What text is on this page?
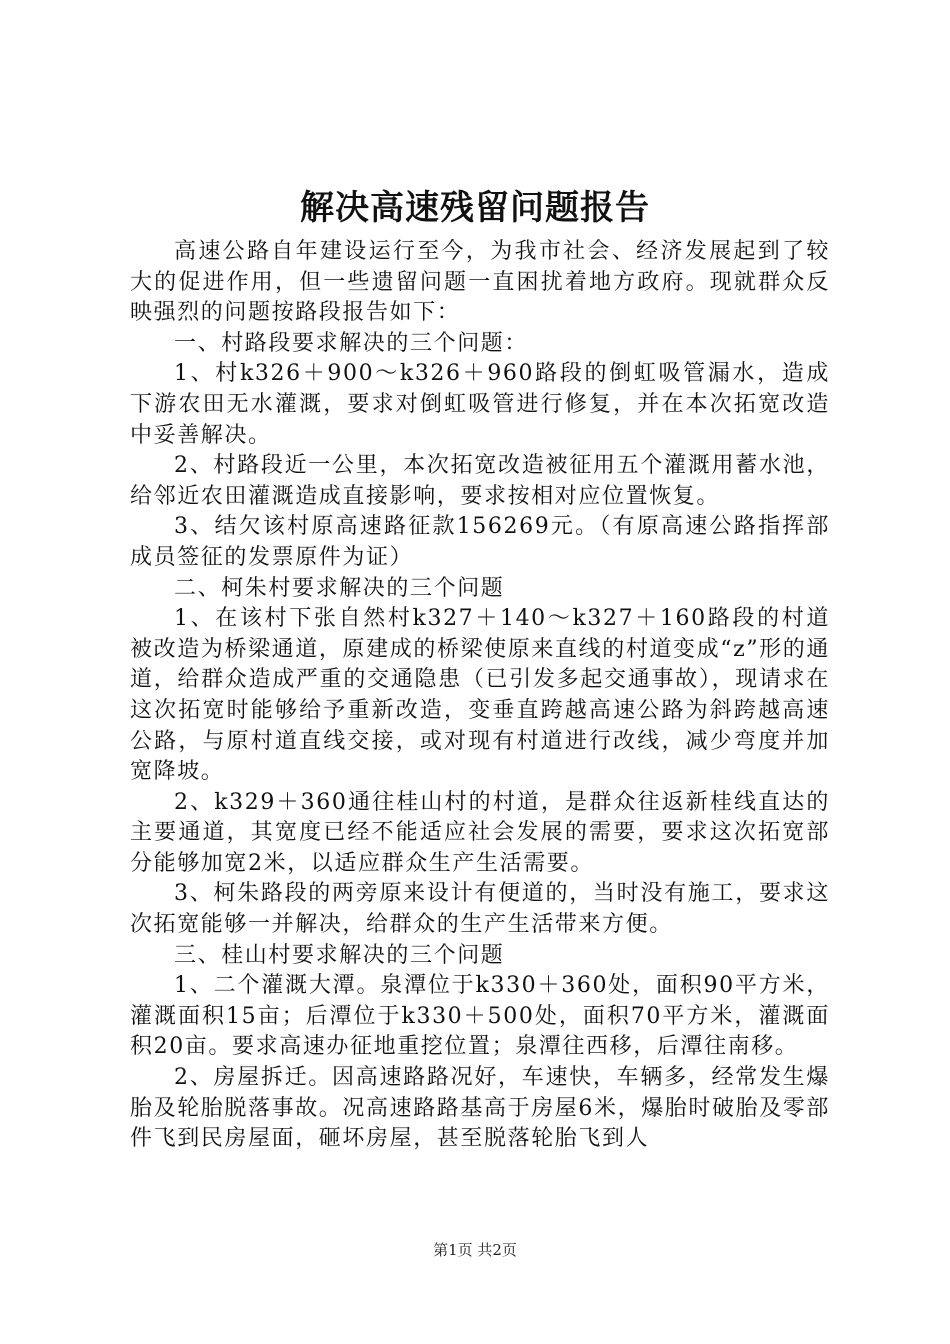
解决高速残留问题报告

高速公路自年建设运行至今，为我市社会、经济发展起到了较大的促进作用，但一些遗留问题一直困扰着地方政府。现就群众反映强烈的问题按路段报告如下：

一、村路段要求解决的三个问题：

1、村k326＋900～k326＋960路段的倒虹吸管漏水，造成下游农田无水灌溉，要求对倒虹吸管进行修复，并在本次拓宽改造中妥善解决。

2、村路段近一公里，本次拓宽改造被征用五个灌溉用蓄水池，给邻近农田灌溉造成直接影响，要求按相对应位置恢复。

3、结欠该村原高速路征款156269元。（有原高速公路指挥部成员签征的发票原件为证）

二、柯朱村要求解决的三个问题

1、在该村下张自然村k327＋140～k327＋160路段的村道被改造为桥梁通道，原建成的桥梁使原来直线的村道变成“z”形的通道，给群众造成严重的交通隐患（已引发多起交通事故），现请求在这次拓宽时能够给予重新改造，变垂直跨越高速公路为斜跨越高速公路，与原村道直线交接，或对现有村道进行改线，减少弯度并加宽降坡。

2、k329＋360通往桂山村的村道，是群众往返新桂线直达的主要通道，其宽度已经不能适应社会发展的需要，要求这次拓宽部分能够加宽2米，以适应群众生产生活需要。

3、柯朱路段的两旁原来设计有便道的，当时没有施工，要求这次拓宽能够一并解决，给群众的生产生活带来方便。

三、桂山村要求解决的三个问题

1、二个灌溉大潭。泉潭位于k330＋360处，面积90平方米，灌溉面积15亩；后潭位于k330＋500处，面积70平方米，灌溉面积20亩。要求高速办征地重挖位置；泉潭往西移，后潭往南移。

2、房屋拆迁。因高速路路况好，车速快，车辆多，经常发生爆胎及轮胎脱落事故。况高速路路基高于房屋6米，爆胎时破胎及零部件飞到民房屋面，砸坏房屋，甚至脱落轮胎飞到人

第1页 共2页
